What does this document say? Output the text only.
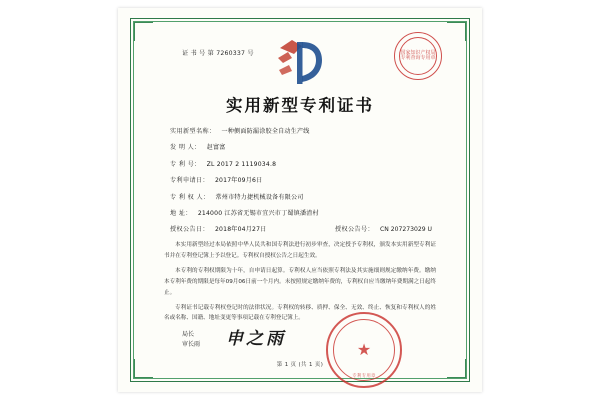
证 书 号 第 7260337 号	国家知识产权局专利查询专用章
实用新型专利证书
实用新型名称： 一种侧面防漏涂胶全自动生产线
发 明 人： 赵富富
专 利 号： ZL 2017 2 1119034.8
专利申请日： 2017年09月6日
专 利 权 人： 常州市特力捷机械设备有限公司
地 址： 214000 江苏省无锡市宜兴市丁蜀镇潘渣村
授权公告日： 2018年04月27日	授权公告号： CN 207273029 U

本实用新型经过本局依照中华人民共和国专利法进行初步审查，决定授予专利权，颁发本实用新型专利证书并在专利登记簿上予以登记。专利权自授权公告之日起生效。

本专利的专利权期限为十年，自申请日起算。专利权人应当依照专利法及其实施细则规定缴纳年费。缴纳本专利年费的期限是每年09月06日前一个月内。未按照规定缴纳年费的，专利权自应当缴纳年费期满之日起终止。

专利证书记载专利权登记时的法律状况。专利权的转移、质押、保全、无效、终止、恢复和专利权人的姓名或名称、国籍、地址变更等事项记载在专利登记簿上。

局长
审长雨 申之雨
★
专利专用章
第 1 页 (共 1 页)
